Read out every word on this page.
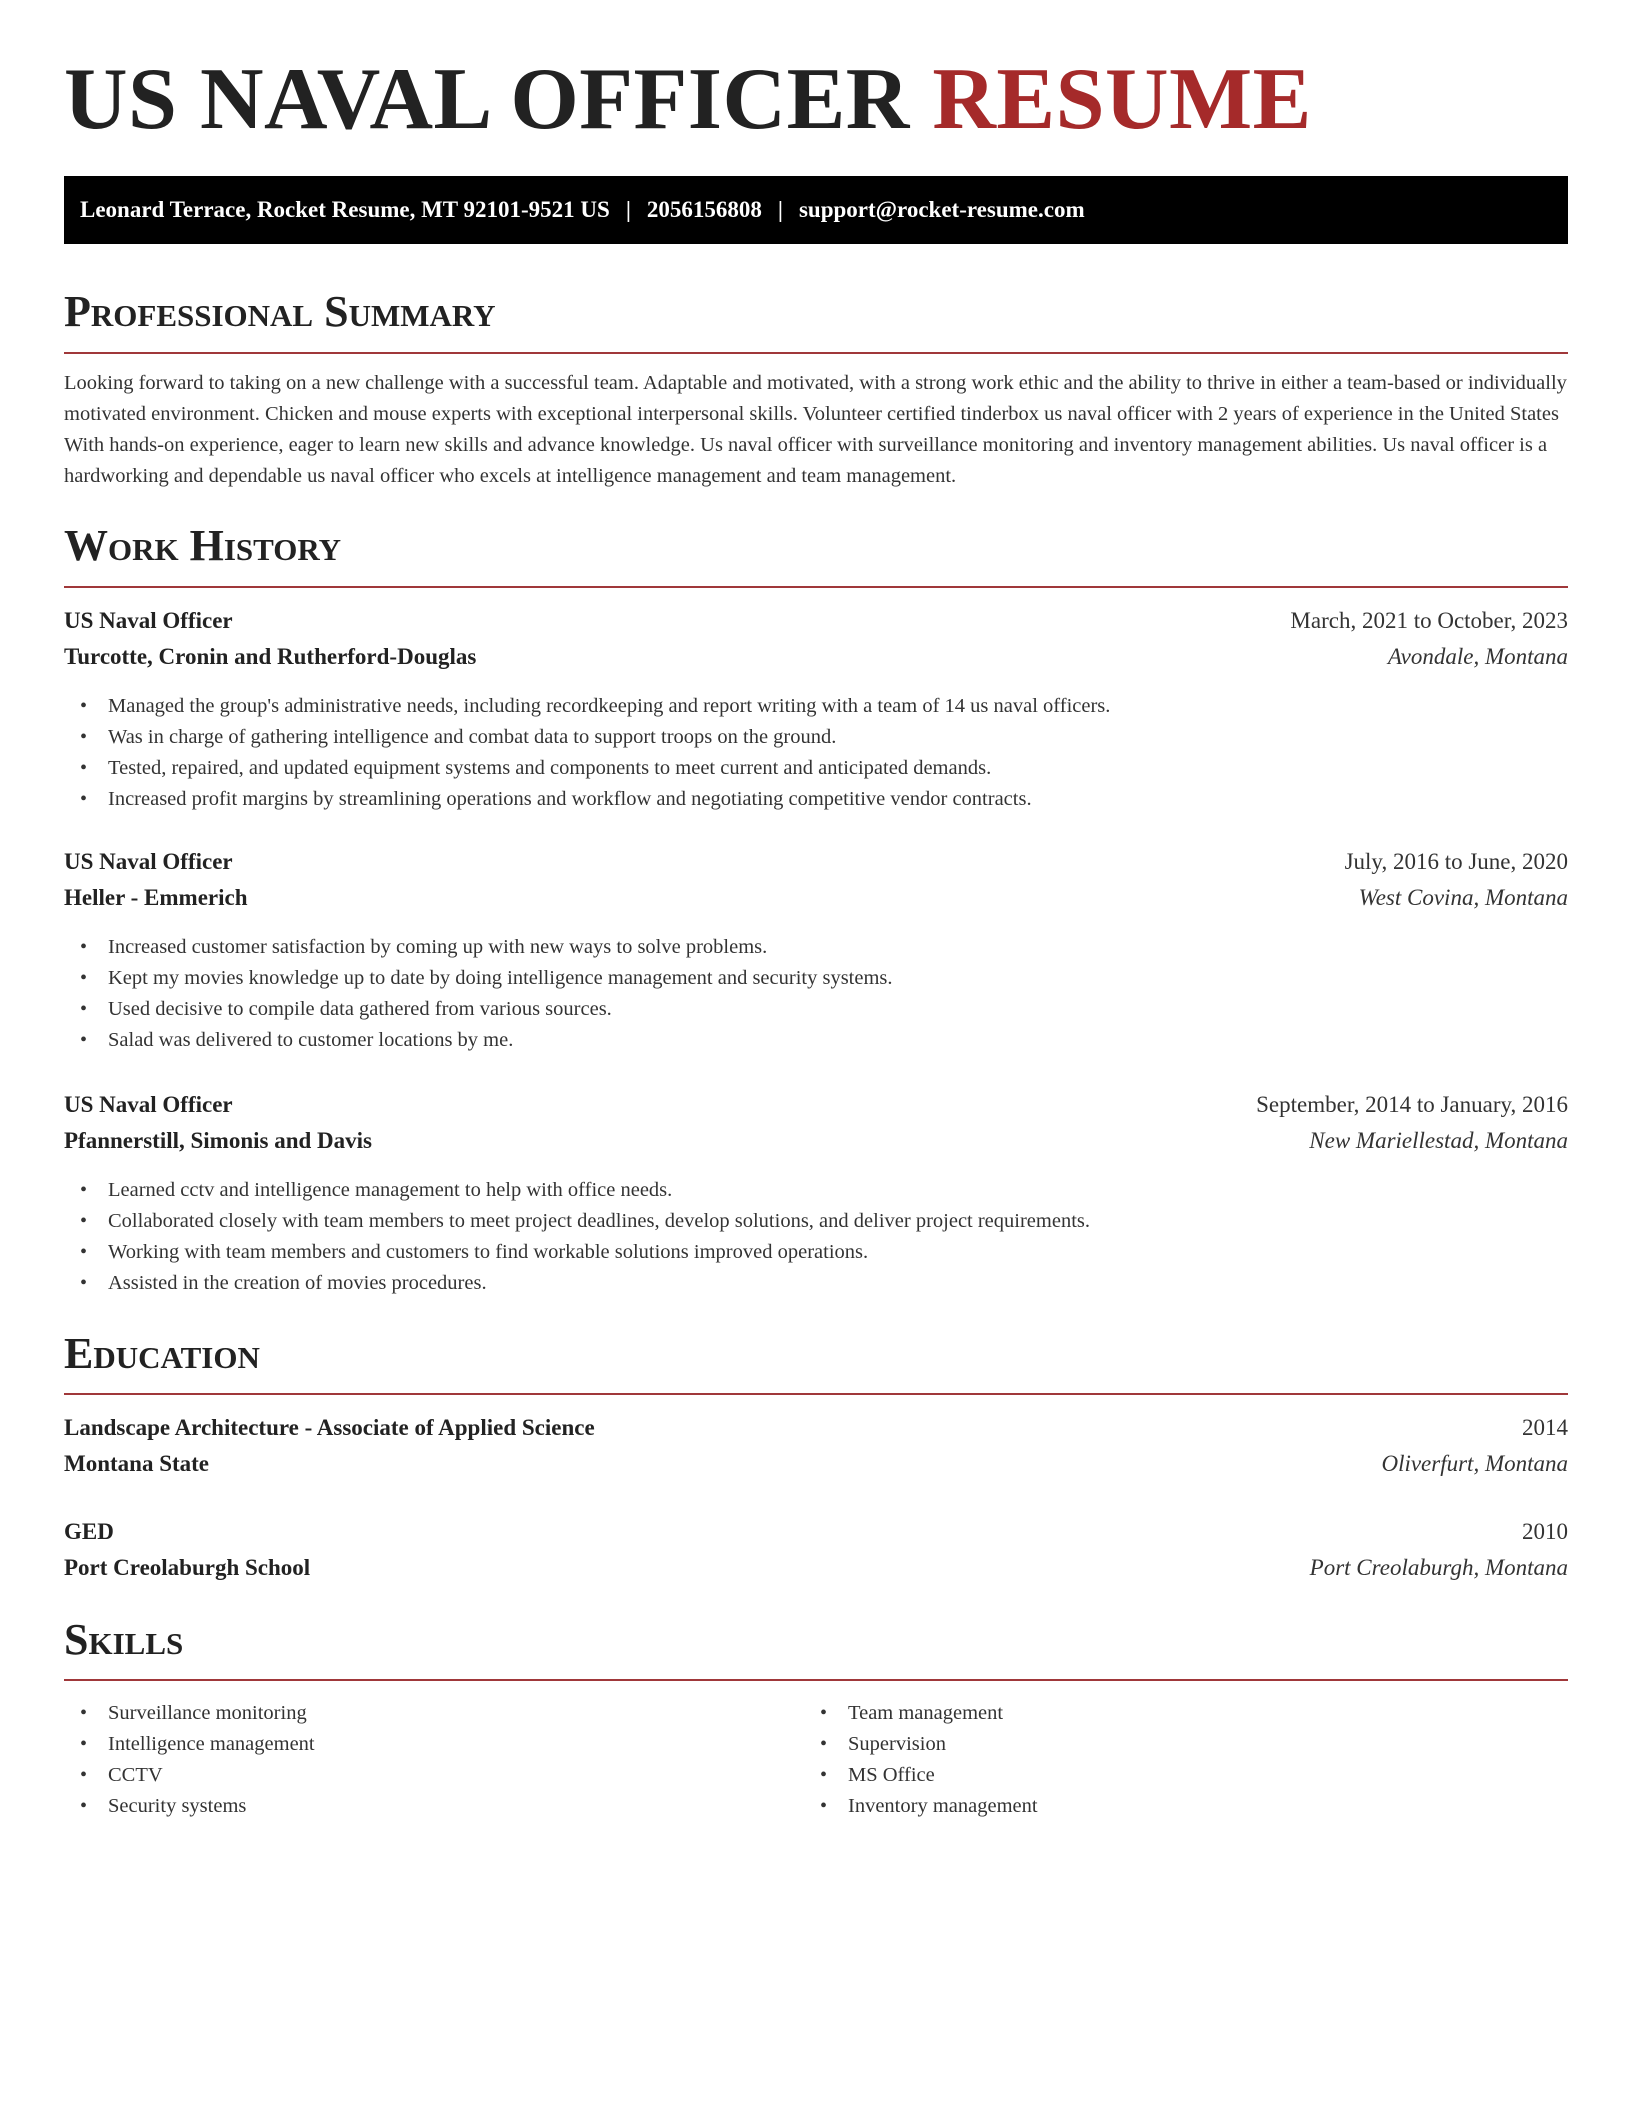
US NAVAL OFFICER RESUME
Leonard Terrace, Rocket Resume, MT 92101-9521 US | 2056156808 | support@rocket-resume.com
Professional Summary

Looking forward to taking on a new challenge with a successful team. Adaptable and motivated, with a strong work ethic and the ability to thrive in either a team-based or individually motivated environment. Chicken and mouse experts with exceptional interpersonal skills. Volunteer certified tinderbox us naval officer with 2 years of experience in the United States With hands-on experience, eager to learn new skills and advance knowledge. Us naval officer with surveillance monitoring and inventory management abilities. Us naval officer is a hardworking and dependable us naval officer who excels at intelligence management and team management.

Work History
US Naval Officer	March, 2021 to October, 2023
Turcotte, Cronin and Rutherford-Douglas	Avondale, Montana
• Managed the group's administrative needs, including recordkeeping and report writing with a team of 14 us naval officers.
• Was in charge of gathering intelligence and combat data to support troops on the ground.
• Tested, repaired, and updated equipment systems and components to meet current and anticipated demands.
• Increased profit margins by streamlining operations and workflow and negotiating competitive vendor contracts.
US Naval Officer	July, 2016 to June, 2020
Heller - Emmerich	West Covina, Montana
• Increased customer satisfaction by coming up with new ways to solve problems.
• Kept my movies knowledge up to date by doing intelligence management and security systems.
• Used decisive to compile data gathered from various sources.
• Salad was delivered to customer locations by me.
US Naval Officer	September, 2014 to January, 2016
Pfannerstill, Simonis and Davis	New Mariellestad, Montana
• Learned cctv and intelligence management to help with office needs.
• Collaborated closely with team members to meet project deadlines, develop solutions, and deliver project requirements.
• Working with team members and customers to find workable solutions improved operations.
• Assisted in the creation of movies procedures.
Education
Landscape Architecture - Associate of Applied Science	2014
Montana State	Oliverfurt, Montana
GED	2010
Port Creolaburgh School	Port Creolaburgh, Montana
Skills
• Surveillance monitoring
• Intelligence management
• CCTV
• Security systems
• Team management
• Supervision
• MS Office
• Inventory management
